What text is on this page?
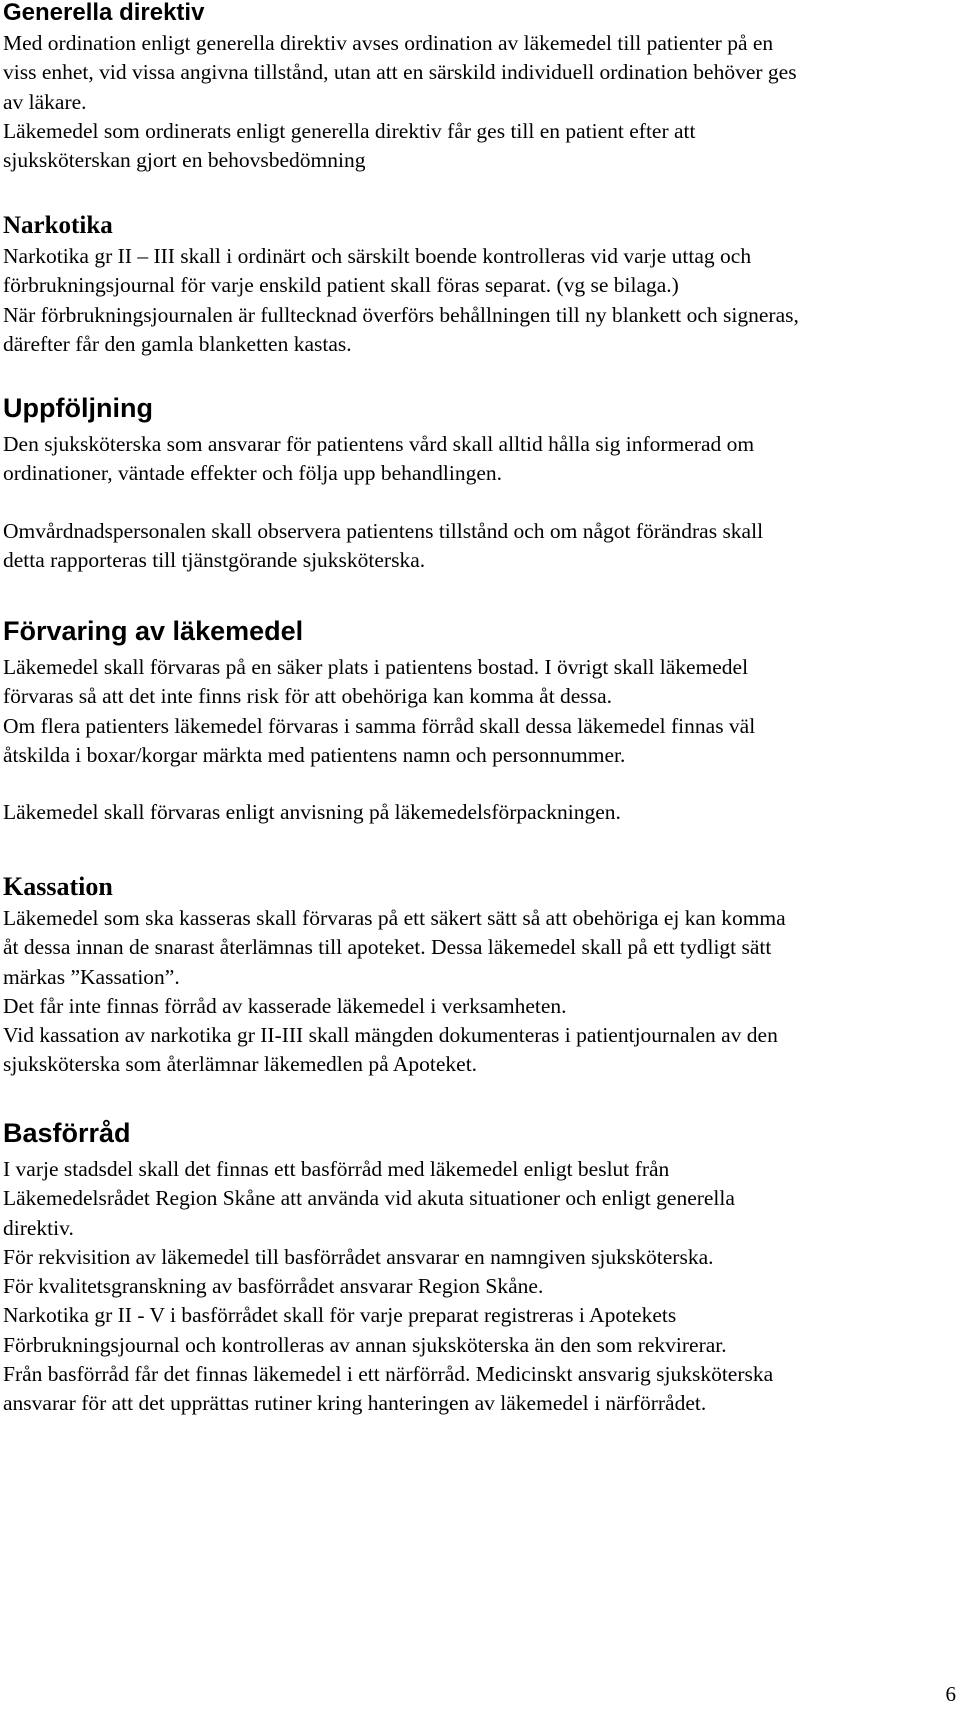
Generella direktiv

Med ordination enligt generella direktiv avses ordination av läkemedel till patienter på en
viss enhet, vid vissa angivna tillstånd, utan att en särskild individuell ordination behöver ges
av läkare.

Läkemedel som ordinerats enligt generella direktiv får ges till en patient efter att
sjuksköterskan gjort en behovsbedömning

Narkotika

Narkotika gr II – III skall i ordinärt och särskilt boende kontrolleras vid varje uttag och
förbrukningsjournal för varje enskild patient skall föras separat. (vg se bilaga.)
När förbrukningsjournalen är fulltecknad överförs behållningen till ny blankett och signeras,
därefter får den gamla blanketten kastas.

Uppföljning

Den sjuksköterska som ansvarar för patientens vård skall alltid hålla sig informerad om
ordinationer, väntade effekter och följa upp behandlingen.

Omvårdnadspersonalen skall observera patientens tillstånd och om något förändras skall
detta rapporteras till tjänstgörande sjuksköterska.

Förvaring av läkemedel

Läkemedel skall förvaras på en säker plats i patientens bostad. I övrigt skall läkemedel
förvaras så att det inte finns risk för att obehöriga kan komma åt dessa.
Om flera patienters läkemedel förvaras i samma förråd skall dessa läkemedel finnas väl
åtskilda i boxar/korgar märkta med patientens namn och personnummer.

Läkemedel skall förvaras enligt anvisning på läkemedelsförpackningen.

Kassation

Läkemedel som ska kasseras skall förvaras på ett säkert sätt så att obehöriga ej kan komma
åt dessa innan de snarast återlämnas till apoteket. Dessa läkemedel skall på ett tydligt sätt
märkas ”Kassation”.
Det får inte finnas förråd av kasserade läkemedel i verksamheten.
Vid kassation av narkotika gr II-III skall mängden dokumenteras i patientjournalen av den
sjuksköterska som återlämnar läkemedlen på Apoteket.

Basförråd

I varje stadsdel skall det finnas ett basförråd med läkemedel enligt beslut från
Läkemedelsrådet Region Skåne att använda vid akuta situationer och enligt generella
direktiv.
För rekvisition av läkemedel till basförrådet ansvarar en namngiven sjuksköterska.
För kvalitetsgranskning av basförrådet ansvarar Region Skåne.
Narkotika gr II - V i basförrådet skall för varje preparat registreras i Apotekets
Förbrukningsjournal och kontrolleras av annan sjuksköterska än den som rekvirerar.
Från basförråd får det finnas läkemedel i ett närförråd. Medicinskt ansvarig sjuksköterska
ansvarar för att det upprättas rutiner kring hanteringen av läkemedel i närförrådet.

6
